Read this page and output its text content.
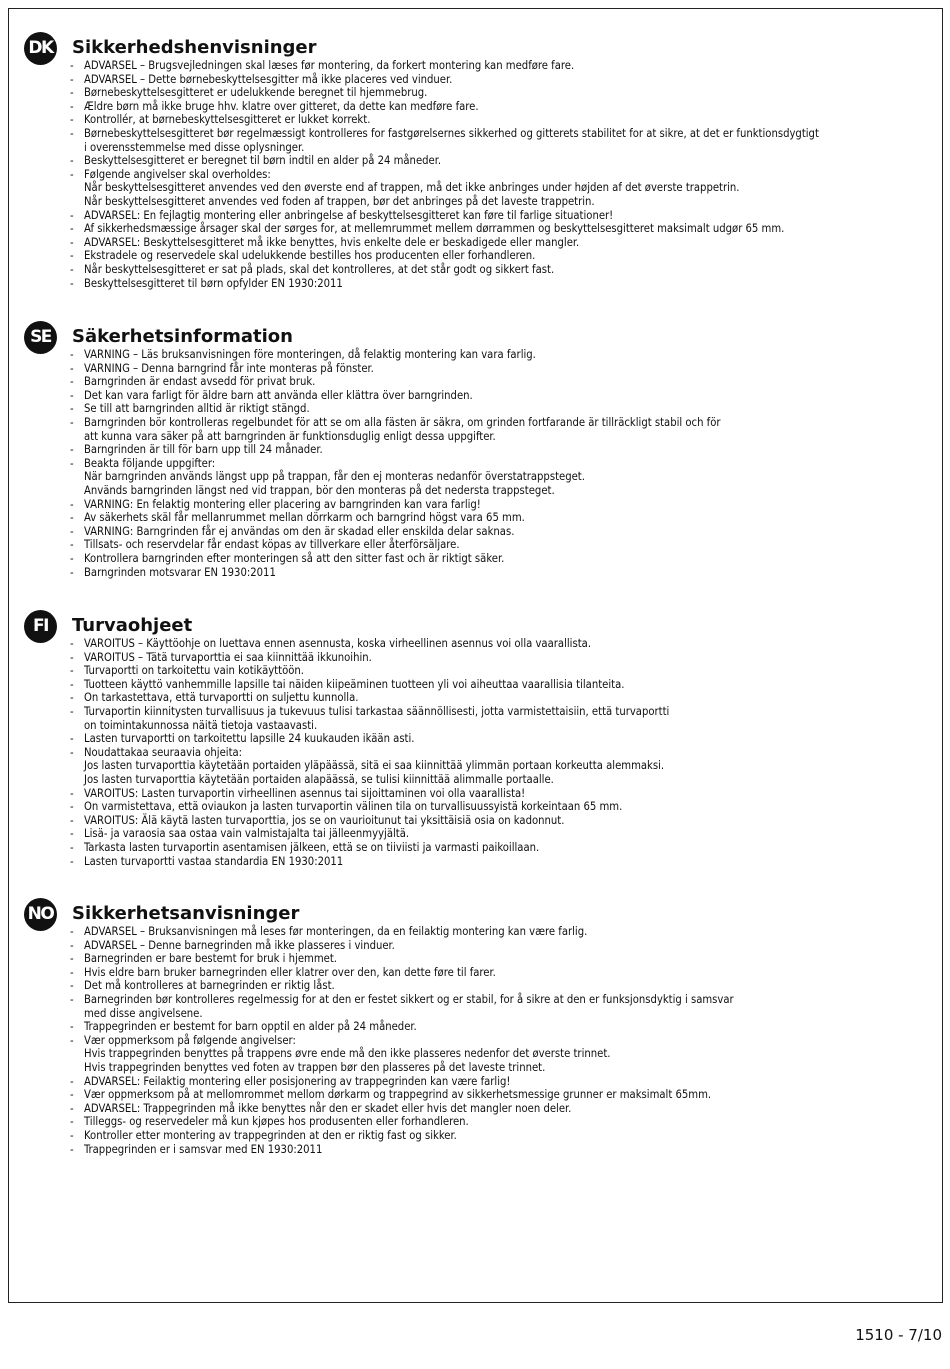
DK Sikkerhedshenvisninger
- ADVARSEL – Brugsvejledningen skal læses før montering, da forkert montering kan medføre fare.
- ADVARSEL – Dette børnebeskyttelsesgitter må ikke placeres ved vinduer.
- Børnebeskyttelsesgitteret er udelukkende beregnet til hjemmebrug.
- Ældre børn må ikke bruge hhv. klatre over gitteret, da dette kan medføre fare.
- Kontrollér, at børnebeskyttelsesgitteret er lukket korrekt.
- Børnebeskyttelsesgitteret bør regelmæssigt kontrolleres for fastgørelsernes sikkerhed og gitterets stabilitet for at sikre, at det er funktionsdygtigt
i overensstemmelse med disse oplysninger.
- Beskyttelsesgitteret er beregnet til børn indtil en alder på 24 måneder.
- Følgende angivelser skal overholdes:
Når beskyttelsesgitteret anvendes ved den øverste end af trappen, må det ikke anbringes under højden af det øverste trappetrin.
Når beskyttelsesgitteret anvendes ved foden af trappen, bør det anbringes på det laveste trappetrin.
- ADVARSEL: En fejlagtig montering eller anbringelse af beskyttelsesgitteret kan føre til farlige situationer!
- Af sikkerhedsmæssige årsager skal der sørges for, at mellemrummet mellem dørrammen og beskyttelsesgitteret maksimalt udgør 65 mm.
- ADVARSEL: Beskyttelsesgitteret må ikke benyttes, hvis enkelte dele er beskadigede eller mangler.
- Ekstradele og reservedele skal udelukkende bestilles hos producenten eller forhandleren.
- Når beskyttelsesgitteret er sat på plads, skal det kontrolleres, at det står godt og sikkert fast.
- Beskyttelsesgitteret til børn opfylder EN 1930:2011
SE	Säkerhetsinformation
- VARNING – Läs bruksanvisningen före monteringen, då felaktig montering kan vara farlig.
- VARNING – Denna barngrind får inte monteras på fönster.
- Barngrinden är endast avsedd för privat bruk.
- Det kan vara farligt för äldre barn att använda eller klättra över barngrinden.
- Se till att barngrinden alltid är riktigt stängd.
- Barngrinden bör kontrolleras regelbundet för att se om alla fästen är säkra, om grinden fortfarande är tillräckligt stabil och för
att kunna vara säker på att barngrinden är funktionsduglig enligt dessa uppgifter.
- Barngrinden är till för barn upp till 24 månader.
- Beakta följande uppgifter:
När barngrinden används längst upp på trappan, får den ej monteras nedanför överstatrappsteget.
Används barngrinden längst ned vid trappan, bör den monteras på det nedersta trappsteget.
- VARNING: En felaktig montering eller placering av barngrinden kan vara farlig!
- Av säkerhets skäl får mellanrummet mellan dörrkarm och barngrind högst vara 65 mm.
- VARNING: Barngrinden får ej användas om den är skadad eller enskilda delar saknas.
- Tillsats- och reservdelar får endast köpas av tillverkare eller återförsäljare.
- Kontrollera barngrinden efter monteringen så att den sitter fast och är riktigt säker.
- Barngrinden motsvarar EN 1930:2011
FI	Turvaohjeet
- VAROITUS – Käyttöohje on luettava ennen asennusta, koska virheellinen asennus voi olla vaarallista.
- VAROITUS – Tätä turvaporttia ei saa kiinnittää ikkunoihin.
- Turvaportti on tarkoitettu vain kotikäyttöön.
- Tuotteen käyttö vanhemmille lapsille tai näiden kiipeäminen tuotteen yli voi aiheuttaa vaarallisia tilanteita.
- On tarkastettava, että turvaportti on suljettu kunnolla.
- Turvaportin kiinnitysten turvallisuus ja tukevuus tulisi tarkastaa säännöllisesti, jotta varmistettaisiin, että turvaportti
on toimintakunnossa näitä tietoja vastaavasti.
- Lasten turvaportti on tarkoitettu lapsille 24 kuukauden ikään asti.
- Noudattakaa seuraavia ohjeita:
Jos lasten turvaporttia käytetään portaiden yläpäässä, sitä ei saa kiinnittää ylimmän portaan korkeutta alemmaksi.
Jos lasten turvaporttia käytetään portaiden alapäässä, se tulisi kiinnittää alimmalle portaalle.
- VAROITUS: Lasten turvaportin virheellinen asennus tai sijoittaminen voi olla vaarallista!
- On varmistettava, että oviaukon ja lasten turvaportin välinen tila on turvallisuussyistä korkeintaan 65 mm.
- VAROITUS: Älä käytä lasten turvaporttia, jos se on vaurioitunut tai yksittäisiä osia on kadonnut.
- Lisä- ja varaosia saa ostaa vain valmistajalta tai jälleenmyyjältä.
- Tarkasta lasten turvaportin asentamisen jälkeen, että se on tiiviisti ja varmasti paikoillaan.
- Lasten turvaportti vastaa standardia EN 1930:2011
NO Sikkerhetsanvisninger
- ADVARSEL – Bruksanvisningen må leses før monteringen, da en feilaktig montering kan være farlig.
- ADVARSEL – Denne barnegrinden må ikke plasseres i vinduer.
- Barnegrinden er bare bestemt for bruk i hjemmet.
- Hvis eldre barn bruker barnegrinden eller klatrer over den, kan dette føre til farer.
- Det må kontrolleres at barnegrinden er riktig låst.
- Barnegrinden bør kontrolleres regelmessig for at den er festet sikkert og er stabil, for å sikre at den er funksjonsdyktig i samsvar
med disse angivelsene.
- Trappegrinden er bestemt for barn opptil en alder på 24 måneder.
- Vær oppmerksom på følgende angivelser:
Hvis trappegrinden benyttes på trappens øvre ende må den ikke plasseres nedenfor det øverste trinnet.
Hvis trappegrinden benyttes ved foten av trappen bør den plasseres på det laveste trinnet.
- ADVARSEL: Feilaktig montering eller posisjonering av trappegrinden kan være farlig!
- Vær oppmerksom på at mellomrommet mellom dørkarm og trappegrind av sikkerhetsmessige grunner er maksimalt 65mm.
- ADVARSEL: Trappegrinden må ikke benyttes når den er skadet eller hvis det mangler noen deler.
- Tilleggs- og reservedeler må kun kjøpes hos produsenten eller forhandleren.
- Kontroller etter montering av trappegrinden at den er riktig fast og sikker.
- Trappegrinden er i samsvar med EN 1930:2011
1510 - 7/10
